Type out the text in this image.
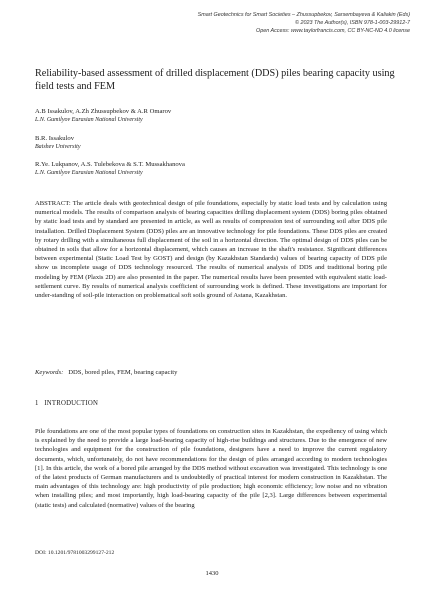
Smart Geotechnics for Smart Societies – Zhussupbekov, Sarsembayeva & Kaliakin (Eds)
© 2023 The Author(s), ISBN 978-1-003-29912-7
Open Access: www.taylorfrancis.com, CC BY-NC-ND 4.0 license
Reliability-based assessment of drilled displacement (DDS) piles bearing capacity using field tests and FEM
A.B Issakulov, A.Zh Zhussupbekov & A.R Omarov
L.N. Gumilyov Eurasian National University
B.R. Issakulov
Baishev University
R.Ye. Lukpanov, A.S. Tulebekova & S.T. Mussakhanova
L.N. Gumilyov Eurasian National University

ABSTRACT: The article deals with geotechnical design of pile foundations, especially by static load tests and by calculation using numerical models. The results of comparison analysis of bearing capacities drilling displacement system (DDS) boring piles obtained by static load tests and by standard are presented in article, as well as results of compression test of surrounding soil after DDS pile installation. Drilled Displacement System (DDS) piles are an innovative technology for pile foundations. These DDS piles are created by rotary drilling with a simultaneous full displacement of the soil in a horizontal direction. The optimal design of DDS piles can be obtained in soils that allow for a horizontal displacement, which causes an increase in the shaft's resistance. Significant differences between experimental (Static Load Test by GOST) and design (by Kazakhstan Standards) values of bearing capacity of DDS pile show us incomplete usage of DDS technology resourced. The results of numerical analysis of DDS and traditional boring pile modeling by FEM (Plaxis 2D) are also presented in the paper. The numerical results have been presented with equivalent static load-settlement curve. By results of numerical analysis coefficient of surrounding work is defined. These investigations are important for under-standing of soil-pile interaction on problematical soft soils ground of Astana, Kazakhstan.

Keywords: DDS, bored piles, FEM, bearing capacity
1 INTRODUCTION

Pile foundations are one of the most popular types of foundations on construction sites in Kazakhstan, the expediency of using which is explained by the need to provide a large load-bearing capacity of high-rise buildings and structures. Due to the emergence of new technologies and equipment for the construction of pile foundations, designers have a need to improve the current regulatory documents, which, unfortunately, do not have recommendations for the design of piles arranged according to modern technologies [1]. In this article, the work of a bored pile arranged by the DDS method without excavation was investigated. This technology is one of the latest products of German manufacturers and is undoubtedly of practical interest for modern construction in Kazakhstan. The main advantages of this technology are: high productivity of pile production; high economic efficiency; low noise and no vibration when installing piles; and most importantly, high load-bearing capacity of the pile [2,3]. Large differences between experimental (static tests) and calculated (normative) values of the bearing

DOI: 10.1201/9781003299127-212
1430
